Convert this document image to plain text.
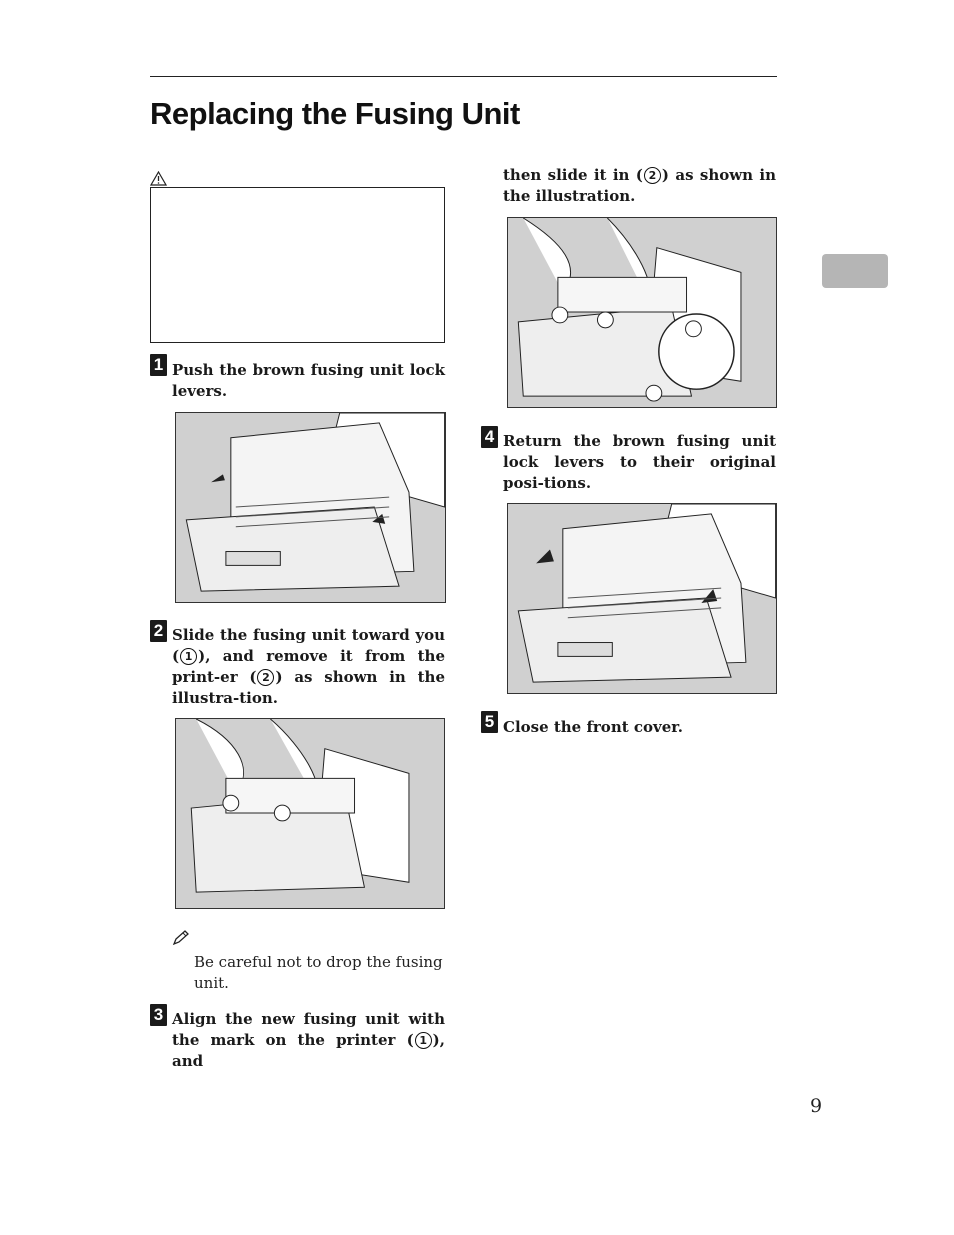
Replacing the Fusing Unit
1 Push the brown fusing unit lock levers.
2 Slide the fusing unit toward you ( 1 ), and remove it from the print-er ( 2 ) as shown in the illustra-tion.
Be careful not to drop the fusing unit.
3 Align the new fusing unit with the mark on the printer ( 1 ), and
then slide it in ( 2 ) as shown in the illustration.
4 Return the brown fusing unit lock levers to their original posi-tions.
5 Close the front cover.
9
